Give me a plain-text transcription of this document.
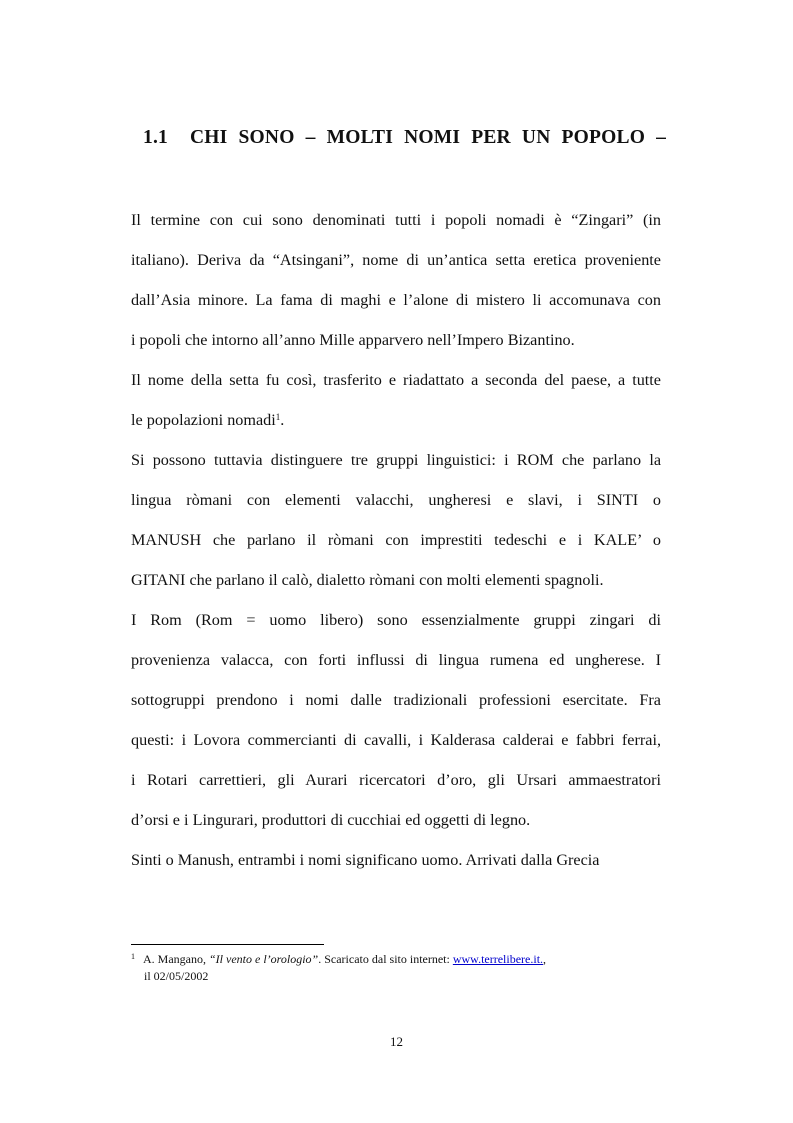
1.1 CHI SONO – MOLTI NOMI PER UN POPOLO –
Il termine con cui sono denominati tutti i popoli nomadi è “Zingari” (in
italiano). Deriva da “Atsingani”, nome di un’antica setta eretica proveniente
dall’Asia minore. La fama di maghi e l’alone di mistero li accomunava con
i popoli che intorno all’anno Mille apparvero nell’Impero Bizantino.
Il nome della setta fu così, trasferito e riadattato a seconda del paese, a tutte
le popolazioni nomadi$^1$.
Si possono tuttavia distinguere tre gruppi linguistici: i ROM che parlano la
lingua ròmani con elementi valacchi, ungheresi e slavi, i SINTI o
MANUSH che parlano il ròmani con imprestiti tedeschi e i KALE’ o
GITANI che parlano il calò, dialetto ròmani con molti elementi spagnoli.
I Rom (Rom = uomo libero) sono essenzialmente gruppi zingari di
provenienza valacca, con forti influssi di lingua rumena ed ungherese. I
sottogruppi prendono i nomi dalle tradizionali professioni esercitate. Fra
questi: i Lovora commercianti di cavalli, i Kalderasa calderai e fabbri ferrai,
i Rotari carrettieri, gli Aurari ricercatori d’oro, gli Ursari ammaestratori
d’orsi e i Lingurari, produttori di cucchiai ed oggetti di legno.
Sinti o Manush, entrambi i nomi significano uomo. Arrivati dalla Grecia
$^1$ A. Mangano, “Il vento e l’orologio”. Scaricato dal sito internet: www.terrelibere.it.,
il 02/05/2002
12
